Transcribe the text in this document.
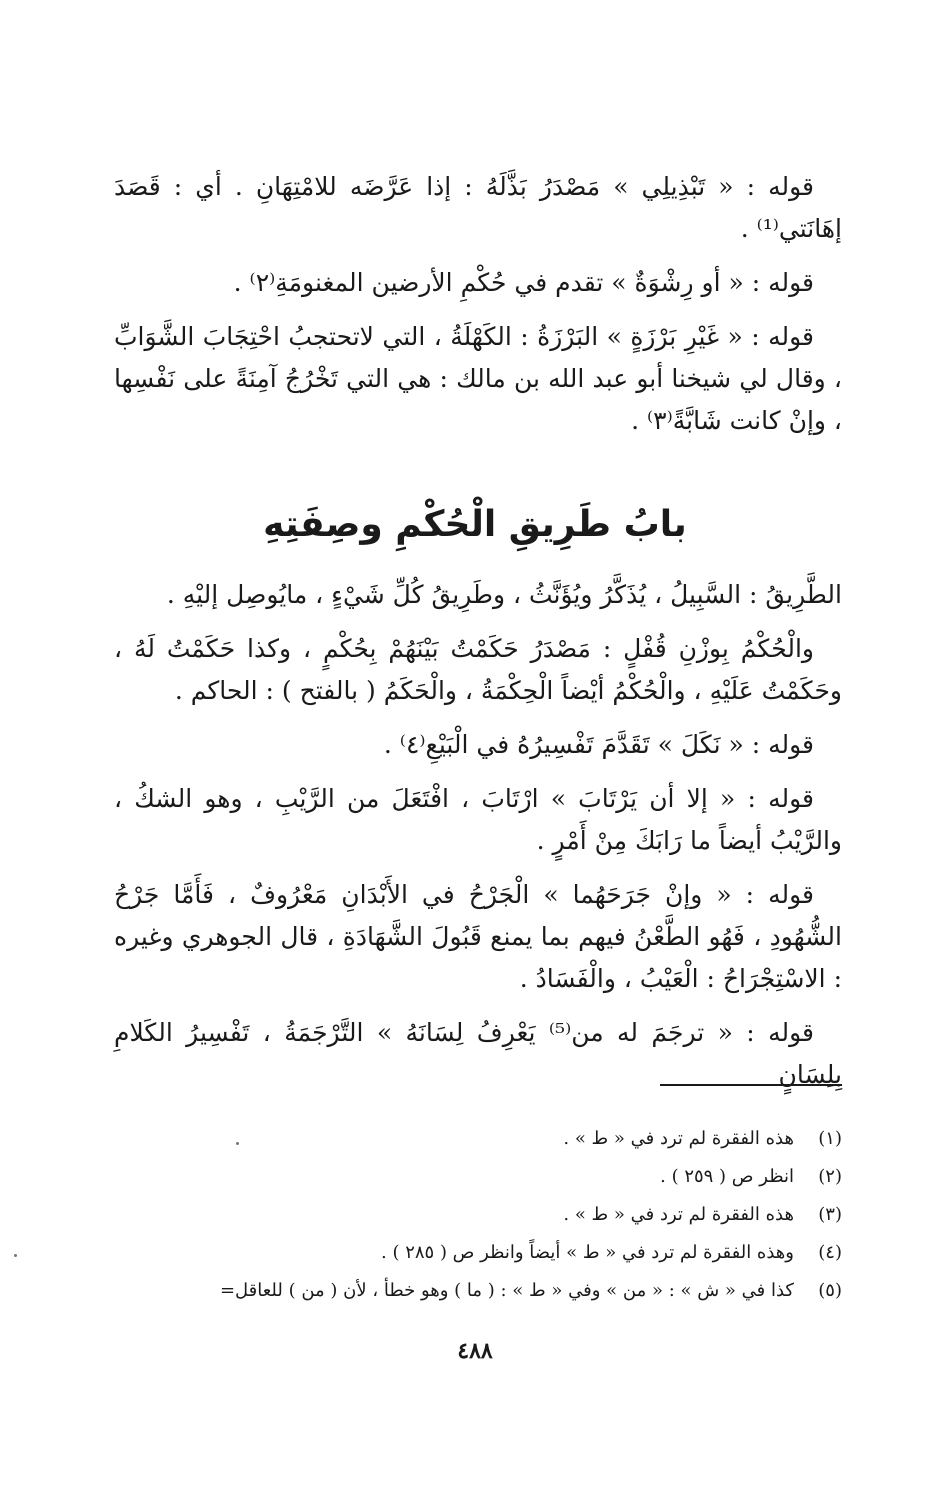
قوله : « تَبْذِيلِي » مَصْدَرُ بَذَّلَهُ : إذا عَرَّضَه للامْتِهَانِ . أي : قَصَدَ إهَانَتي⁽¹⁾ .

قوله : « أو رِشْوَةٌ » تقدم في حُكْمِ الأرضين المغنومَةِ⁽٢⁾ .

قوله : « غَيْرِ بَرْزَةٍ » البَرْزَةُ : الكَهْلَةُ ، التي لاتحتجبُ احْتِجَابَ الشَّوَابِّ ، وقال لي شيخنا أبو عبد الله بن مالك : هي التي تَخْرُجُ آمِنَةً على نَفْسِها ، وإنْ كانت شَابَّةً⁽٣⁾ .

بابُ طَرِيقِ الْحُكْمِ وصِفَتِهِ

الطَّرِيقُ : السَّبِيلُ ، يُذَكَّرُ ويُؤَنَّثُ ، وطَرِيقُ كُلِّ شَيْءٍ ، مايُوصِل إليْهِ .

والْحُكْمُ بِوزْنِ قُفْلٍ : مَصْدَرُ حَكَمْتُ بَيْنَهُمْ بِحُكْمٍ ، وكذا حَكَمْتُ لَهُ ، وحَكَمْتُ عَلَيْهِ ، والْحُكْمُ أيْضاً الْحِكْمَةُ ، والْحَكَمُ ( بالفتح ) : الحاكم .

قوله : « نَكَلَ » تَقَدَّمَ تَفْسِيرُهُ في الْبَيْعِ⁽٤⁾ .

قوله : « إلا أن يَرْتَابَ » ارْتَابَ ، افْتَعَلَ من الرَّيْبِ ، وهو الشكُ ، والرَّيْبُ أيضاً ما رَابَكَ مِنْ أَمْرٍ .

قوله : « وإنْ جَرَحَهُما » الْجَرْحُ في الأَبْدَانِ مَعْرُوفٌ ، فَأَمَّا جَرْحُ الشُّهُودِ ، فَهُو الطَّعْنُ فيهم بما يمنع قَبُولَ الشَّهَادَةِ ، قال الجوهري وغيره : الاسْتِجْرَاحُ : الْعَيْبُ ، والْفَسَادُ .

قوله : « ترجَمَ له من⁽⁵⁾ يَعْرِفُ لِسَانَهُ » التَّرْجَمَةُ ، تَفْسِيرُ الكَلامِ بِلِسَانٍ

(١)
هذه الفقرة لم ترد في « ط » .
(٢)
انظر ص ( ٢٥٩ ) .
(٣)
هذه الفقرة لم ترد في « ط » .
(٤)
وهذه الفقرة لم ترد في « ط » أيضاً وانظر ص ( ٢٨٥ ) .
(٥)
كذا في « ش » : « من » وفي « ط » : ( ما ) وهو خطأ ، لأن ( من ) للعاقل=
٤٨٨
